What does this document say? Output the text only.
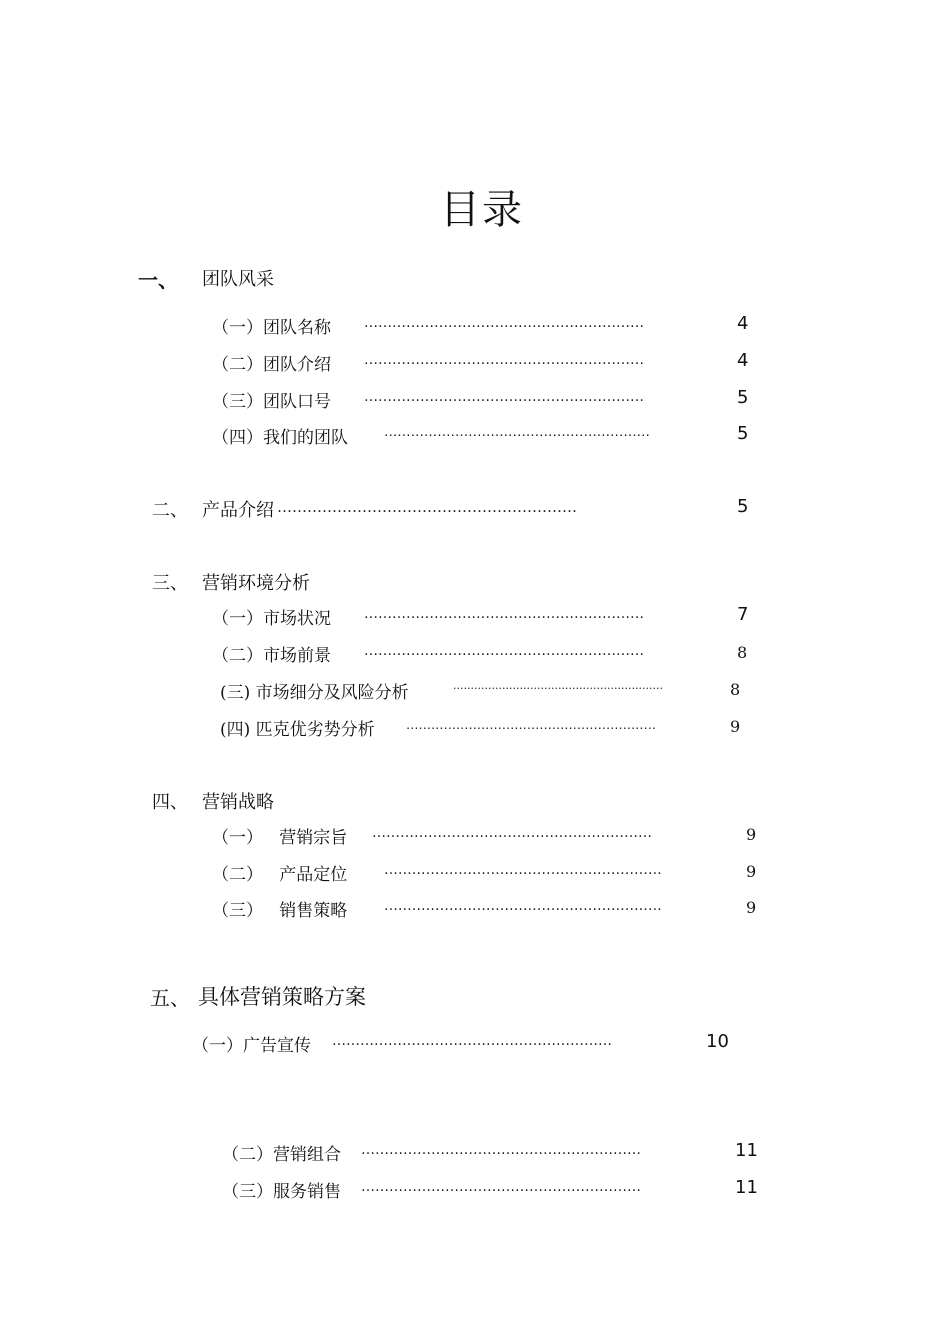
目录
一、 团队风采
（一）团队名称 ……………………………………………………	4
（二）团队介绍 ……………………………………………………	4
（三）团队口号 ……………………………………………………	5
（四）我们的团队	……………………………………………………	5
二、 产品介绍 ……………………………………………………	5
三、 营销环境分析
（一）市场状况 ……………………………………………………	7
（二）市场前景 ……………………………………………………	8
(三) 市场细分及风险分析	……………………………………………………	8
(四) 匹克优劣势分析	……………………………………………………	9
四、 营销战略
（一）   营销宗旨 ……………………………………………………	9
（二）   产品定位	……………………………………………………	9
（三）   销售策略	……………………………………………………	9
五、 具体营销策略方案
（一）广告宣传 ……………………………………………………	10
（二）营销组合 ……………………………………………………	11
（三）服务销售 ……………………………………………………	11
